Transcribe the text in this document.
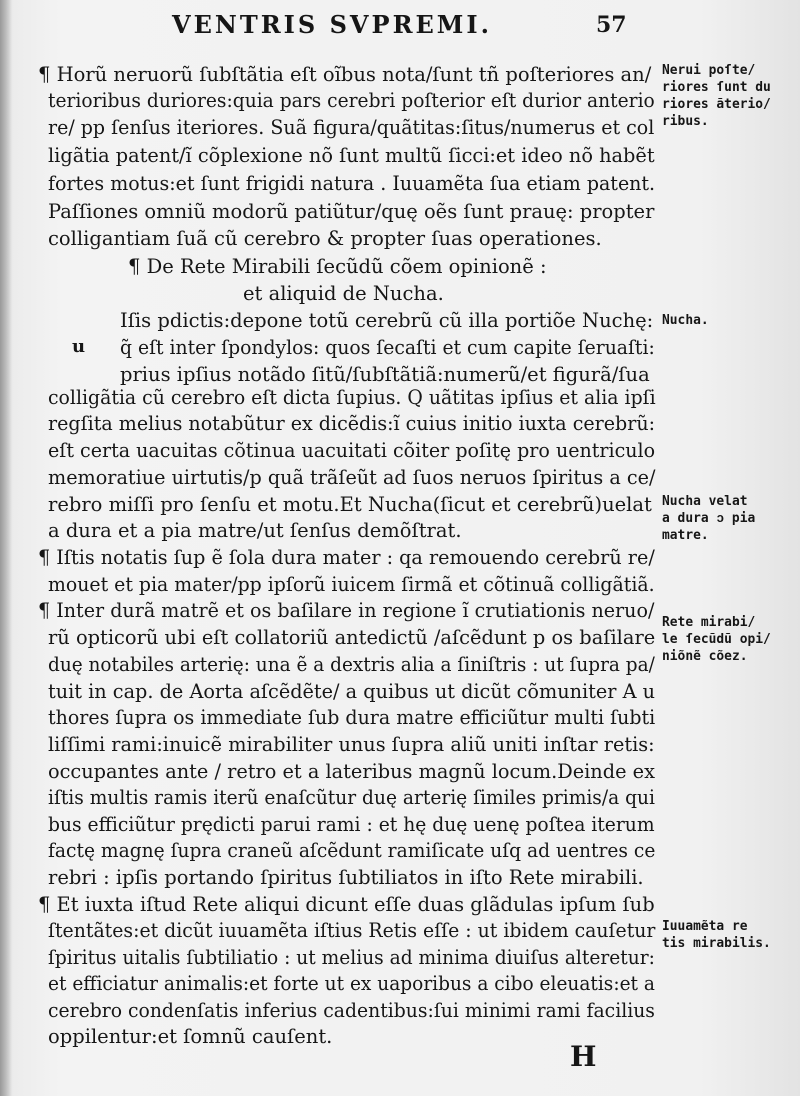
VENTRIS SVPREMI.	57
¶ Horũ neruorũ ſubſtãtia eſt oĩbus nota/ſunt tñ poſteriores an/
terioribus duriores:quia pars cerebri poſterior eſt durior anterio
re/ pp ſenſus iteriores. Suã figura/quãtitas:ſitus/numerus et col
ligãtia patent/ĩ cõplexione nõ ſunt multũ ſicci:et ideo nõ habẽt
fortes motus:et ſunt frigidi natura . Iuuamẽta ſua etiam patent.
Paſſiones omniũ modorũ patiũtur/quę oẽs ſunt prauę: propter
colligantiam ſuã cũ cerebro & propter ſuas operationes.
¶ De Rete Mirabili ſecũdũ cõem opinionẽ :
et aliquid de Nucha.
Iſis pdictis:depone totũ cerebrũ cũ illa portiõe Nuchę:
q̃ eſt inter ſpondylos: quos ſecaſti et cum capite ſeruaſti:
prius ipſius notãdo ſitũ/ſubſtãtiã:numerũ/et figurã/ſua
colligãtia cũ cerebro eſt dicta ſupius. Q uãtitas ipſius et alia ipſi
regſita melius notabũtur ex dicẽdis:ĩ cuius initio iuxta cerebrũ:
eſt certa uacuitas cõtinua uacuitati cõiter poſitę pro uentriculo
memoratiue uirtutis/p quã trãſeũt ad ſuos neruos ſpiritus a ce/
rebro miſſi pro ſenſu et motu.Et Nucha(ſicut et cerebrũ)uelat
a dura et a pia matre/ut ſenſus demõſtrat.
¶ Iſtis notatis ſup ẽ ſola dura mater : qa remouendo cerebrũ re/
mouet et pia mater/pp ipſorũ iuicem ſirmã et cõtinuã colligãtiã.
¶ Inter durã matrẽ et os baſilare in regione ĩ crutiationis neruo/
rũ opticorũ ubi eſt collatoriũ antedictũ /aſcẽdunt p os baſilare
duę notabiles arterię: una ẽ a dextris alia a ſiniſtris : ut ſupra pa/
tuit in cap. de Aorta aſcẽdẽte/ a quibus ut dicũt cõmuniter A u
thores ſupra os immediate ſub dura matre efficiũtur multi ſubti
liſſimi rami:inuicẽ mirabiliter unus ſupra aliũ uniti inſtar retis:
occupantes ante / retro et a lateribus magnũ locum.Deinde ex
iſtis multis ramis iterũ enaſcũtur duę arterię ſimiles primis/a qui
bus efficiũtur prędicti parui rami : et hę duę uenę poſtea iterum
factę magnę ſupra craneũ aſcẽdunt ramiſicate uſq ad uentres ce
rebri : ipſis portando ſpiritus ſubtiliatos in iſto Rete mirabili.
¶ Et iuxta iſtud Rete aliqui dicunt eſſe duas glãdulas ipſum ſub
ſtentãtes:et dicũt iuuamẽta iſtius Retis eſſe : ut ibidem cauſetur
ſpiritus uitalis ſubtiliatio : ut melius ad minima diuiſus alteretur:
et efficiatur animalis:et forte ut ex uaporibus a cibo eleuatis:et a
cerebro condenſatis inferius cadentibus:ſui minimi rami facilius
oppilentur:et ſomnũ cauſent.
u
Nerui poſte/
riores ſunt du
riores ãterio/
ribus.
Nucha.
Nucha velat
a dura ↄ pia
matre.
Rete mirabi/
le ſecũdũ opi/
niõnẽ cõez.
Iuuamẽta re
tis mirabilis.
H
